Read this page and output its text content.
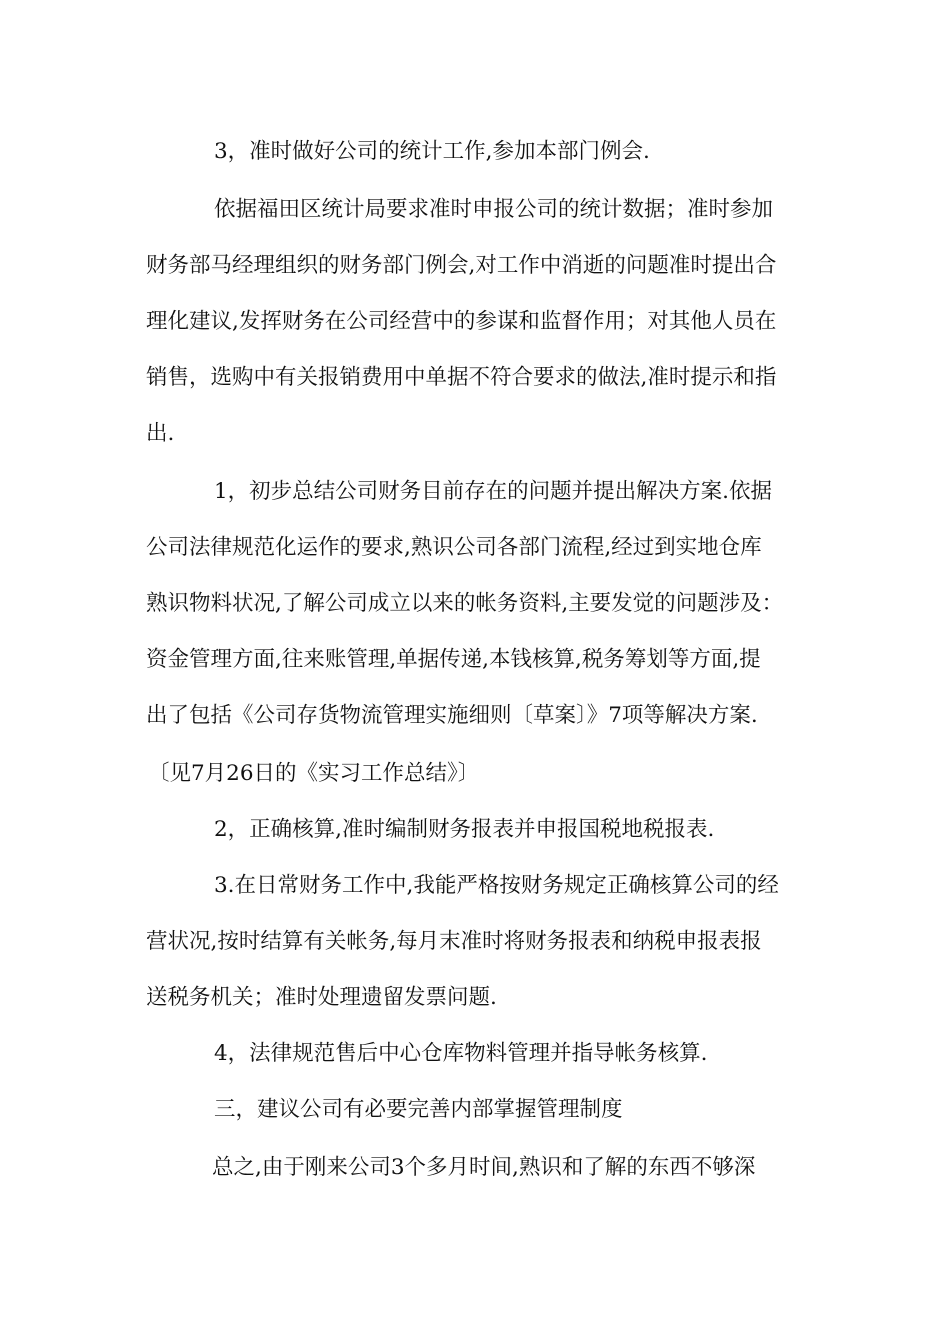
3，准时做好公司的统计工作,参加本部门例会.
依据福田区统计局要求准时申报公司的统计数据；准时参加
财务部马经理组织的财务部门例会,对工作中消逝的问题准时提出合
理化建议,发挥财务在公司经营中的参谋和监督作用；对其他人员在
销售，选购中有关报销费用中单据不符合要求的做法,准时提示和指
出.
1，初步总结公司财务目前存在的问题并提出解决方案.依据
公司法律规范化运作的要求,熟识公司各部门流程,经过到实地仓库
熟识物料状况,了解公司成立以来的帐务资料,主要发觉的问题涉及：
资金管理方面,往来账管理,单据传递,本钱核算,税务筹划等方面,提
出了包括《公司存货物流管理实施细则〔草案〕》7项等解决方案.
〔见7月26日的《实习工作总结》〕
2，正确核算,准时编制财务报表并申报国税地税报表.
3.在日常财务工作中,我能严格按财务规定正确核算公司的经
营状况,按时结算有关帐务,每月末准时将财务报表和纳税申报表报
送税务机关；准时处理遗留发票问题.
4，法律规范售后中心仓库物料管理并指导帐务核算.
三，建议公司有必要完善内部掌握管理制度
总之,由于刚来公司3个多月时间,熟识和了解的东西不够深
